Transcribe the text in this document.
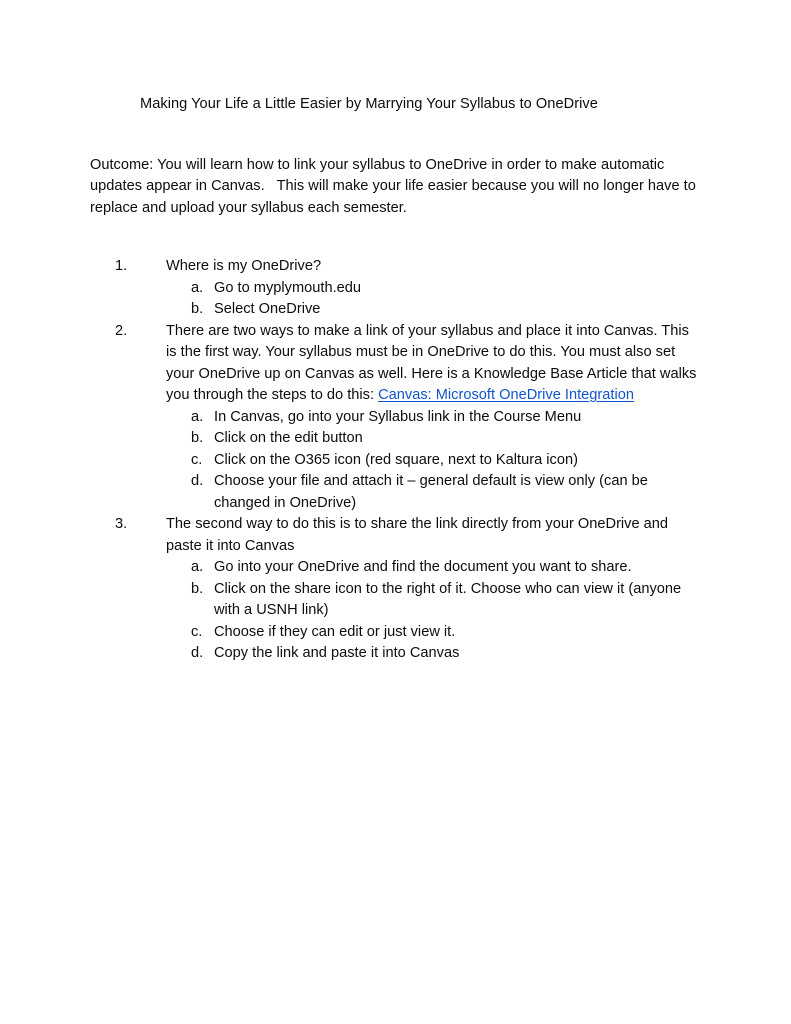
Making Your Life a Little Easier by Marrying Your Syllabus to OneDrive

Outcome: You will learn how to link your syllabus to OneDrive in order to make automatic updates appear in Canvas.   This will make your life easier because you will no longer have to replace and upload your syllabus each semester.

1.	Where is my OneDrive?
a. Go to myplymouth.edu
b. Select OneDrive
2.	There are two ways to make a link of your syllabus and place it into Canvas. This is the first way. Your syllabus must be in OneDrive to do this. You must also set your OneDrive up on Canvas as well. Here is a Knowledge Base Article that walks you through the steps to do this: Canvas: Microsoft OneDrive Integration
a. In Canvas, go into your Syllabus link in the Course Menu
b. Click on the edit button
c. Click on the O365 icon (red square, next to Kaltura icon)
d. Choose your file and attach it – general default is view only (can be changed in OneDrive)
3.	The second way to do this is to share the link directly from your OneDrive and paste it into Canvas
a. Go into your OneDrive and find the document you want to share.
b. Click on the share icon to the right of it. Choose who can view it (anyone with a USNH link)
c. Choose if they can edit or just view it.
d. Copy the link and paste it into Canvas
